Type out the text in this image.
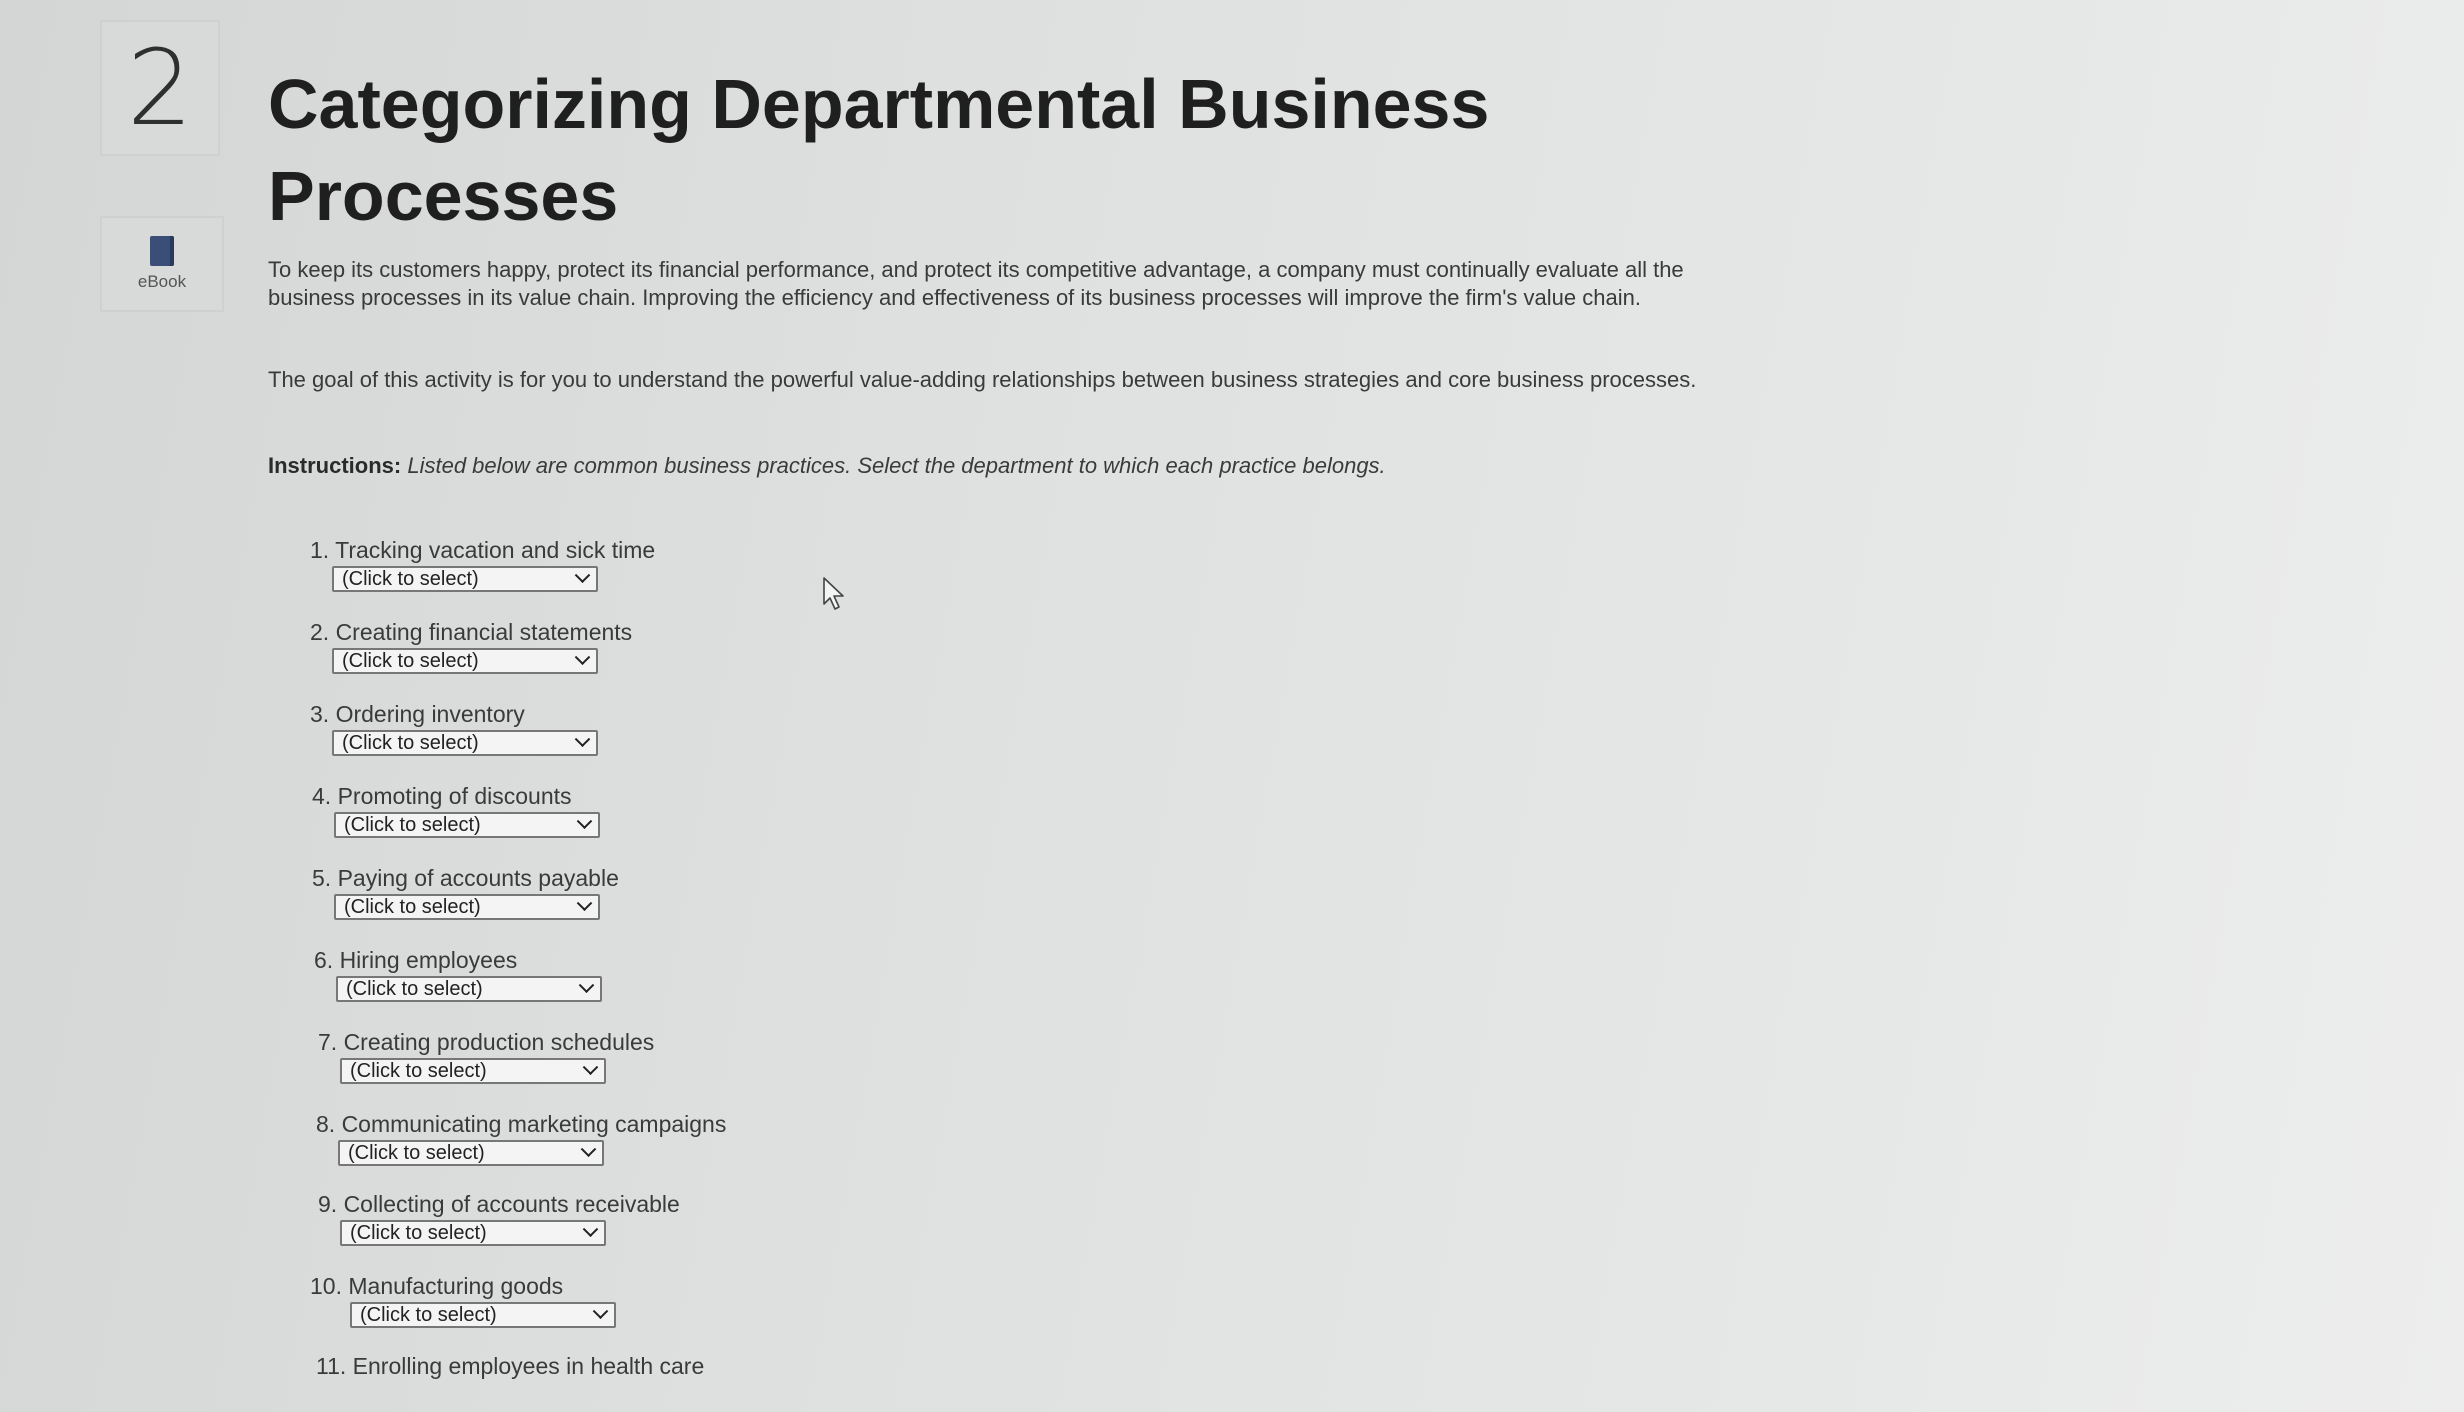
2
eBook
Categorizing Departmental Business Processes

To keep its customers happy, protect its financial performance, and protect its competitive advantage, a company must continually evaluate all the business processes in its value chain. Improving the efficiency and effectiveness of its business processes will improve the firm's value chain.

The goal of this activity is for you to understand the powerful value-adding relationships between business strategies and core business processes.

Instructions: Listed below are common business practices. Select the department to which each practice belongs.

1. Tracking vacation and sick time
(Click to select)
2. Creating financial statements
(Click to select)
3. Ordering inventory
(Click to select)
4. Promoting of discounts
(Click to select)
5. Paying of accounts payable
(Click to select)
6. Hiring employees
(Click to select)
7. Creating production schedules
(Click to select)
8. Communicating marketing campaigns
(Click to select)
9. Collecting of accounts receivable
(Click to select)
10. Manufacturing goods
(Click to select)
11. Enrolling employees in health care
